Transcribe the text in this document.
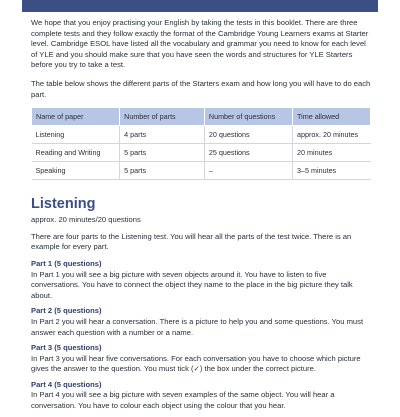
We hope that you enjoy practising your English by taking the tests in this booklet. There are three complete tests and they follow exactly the format of the Cambridge Young Learners exams at Starter level. Cambridge ESOL have listed all the vocabulary and grammar you need to know for each level of YLE and you should make sure that you have seen the words and structures for YLE Starters before you try to take a test.

The table below shows the different parts of the Starters exam and how long you will have to do each part.

Name of paper	Number of parts	Number of questions	Time allowed
Listening	4 parts	20 questions	approx. 20 minutes
Reading and Writing	5 parts	25 questions	20 minutes
Speaking	5 parts	–	3–5 minutes
Listening

approx. 20 minutes/20 questions

There are four parts to the Listening test. You will hear all the parts of the test twice. There is an example for every part.

Part 1 (5 questions)

In Part 1 you will see a big picture with seven objects around it. You have to listen to five conversations. You have to connect the object they name to the place in the big picture they talk about.

Part 2 (5 questions)

In Part 2 you will hear a conversation. There is a picture to help you and some questions. You must answer each question with a number or a name.

Part 3 (5 questions)

In Part 3 you will hear five conversations. For each conversation you have to choose which picture gives the answer to the question. You must tick (✓) the box under the correct picture.

Part 4 (5 questions)

In Part 4 you will see a big picture with seven examples of the same object. You will hear a conversation. You have to colour each object using the colour that you hear.
